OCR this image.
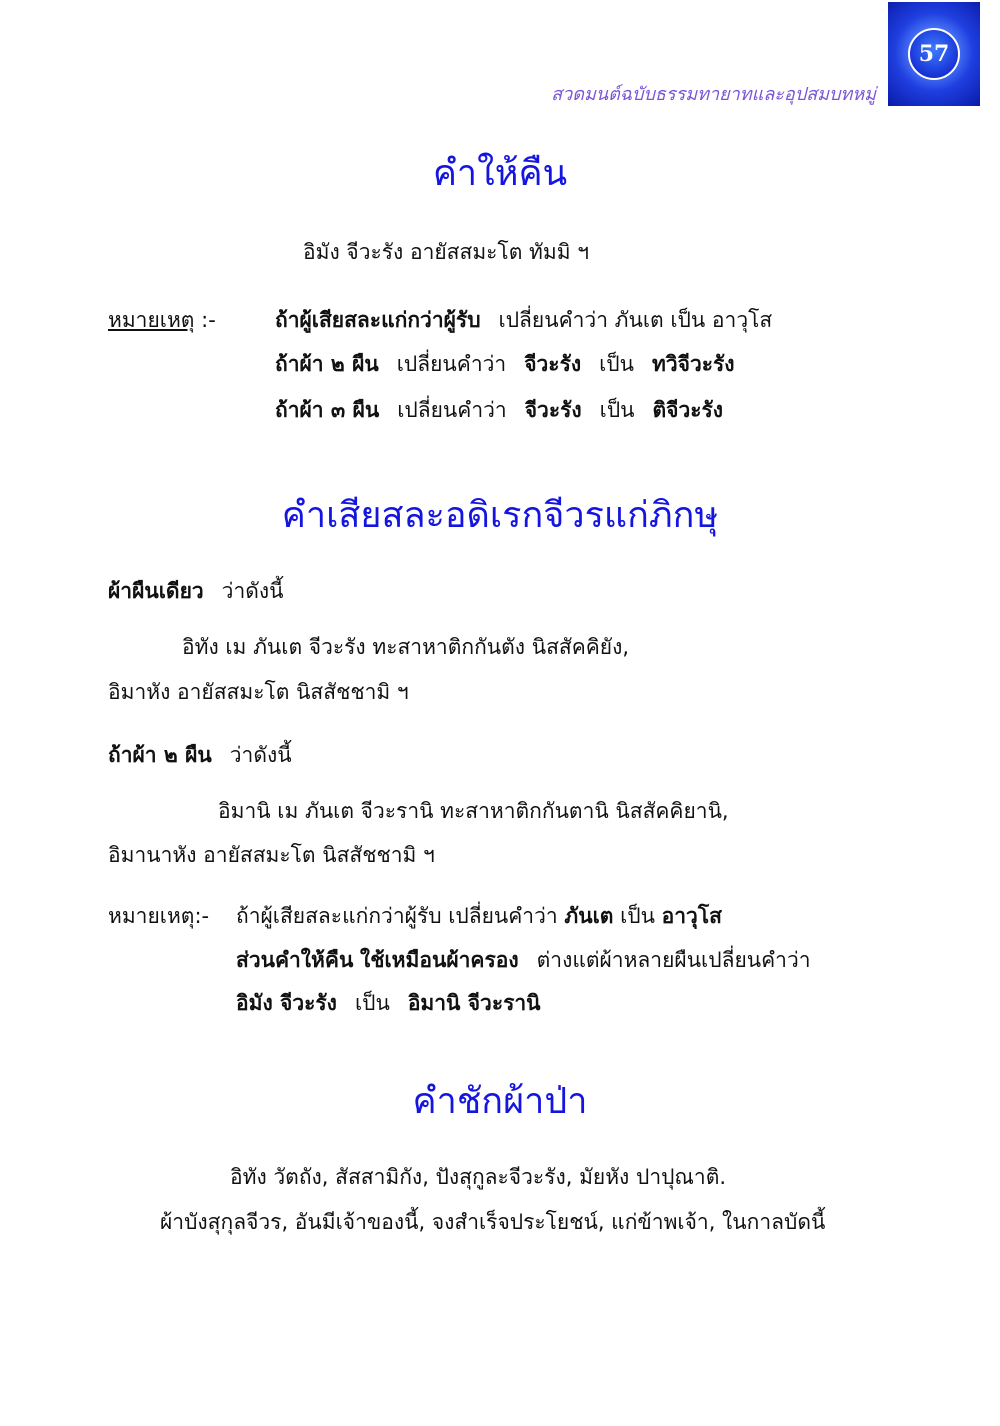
57
สวดมนต์ฉบับธรรมทายาทและอุปสมบทหมู่
คำให้คืน
อิมัง จีวะรัง อายัสสมะโต ทัมมิ ฯ
หมายเหตุ :-	ถ้าผู้เสียสละแก่กว่าผู้รับ เปลี่ยนคำว่า ภันเต เป็น อาวุโส
ถ้าผ้า ๒ ผืน เปลี่ยนคำว่า จีวะรัง เป็น ทวิจีวะรัง
ถ้าผ้า ๓ ผืน เปลี่ยนคำว่า จีวะรัง เป็น ติจีวะรัง
คำเสียสละอดิเรกจีวรแก่ภิกษุ
ผ้าผืนเดียว ว่าดังนี้
อิทัง เม ภันเต จีวะรัง ทะสาหาติกกันตัง นิสสัคคิยัง,
อิมาหัง อายัสสมะโต นิสสัชชามิ ฯ
ถ้าผ้า ๒ ผืน ว่าดังนี้
อิมานิ เม ภันเต จีวะรานิ ทะสาหาติกกันตานิ นิสสัคคิยานิ,
อิมานาหัง อายัสสมะโต นิสสัชชามิ ฯ
หมายเหตุ:- ถ้าผู้เสียสละแก่กว่าผู้รับ เปลี่ยนคำว่า ภันเต เป็น อาวุโส
ส่วนคำให้คืน ใช้เหมือนผ้าครอง ต่างแต่ผ้าหลายผืนเปลี่ยนคำว่า
อิมัง จีวะรัง เป็น อิมานิ จีวะรานิ
คำชักผ้าป่า
อิทัง วัตถัง, สัสสามิกัง, ปังสุกูละจีวะรัง, มัยหัง ปาปุณาติ.
ผ้าบังสุกุลจีวร, อันมีเจ้าของนี้, จงสำเร็จประโยชน์, แก่ข้าพเจ้า, ในกาลบัดนี้
